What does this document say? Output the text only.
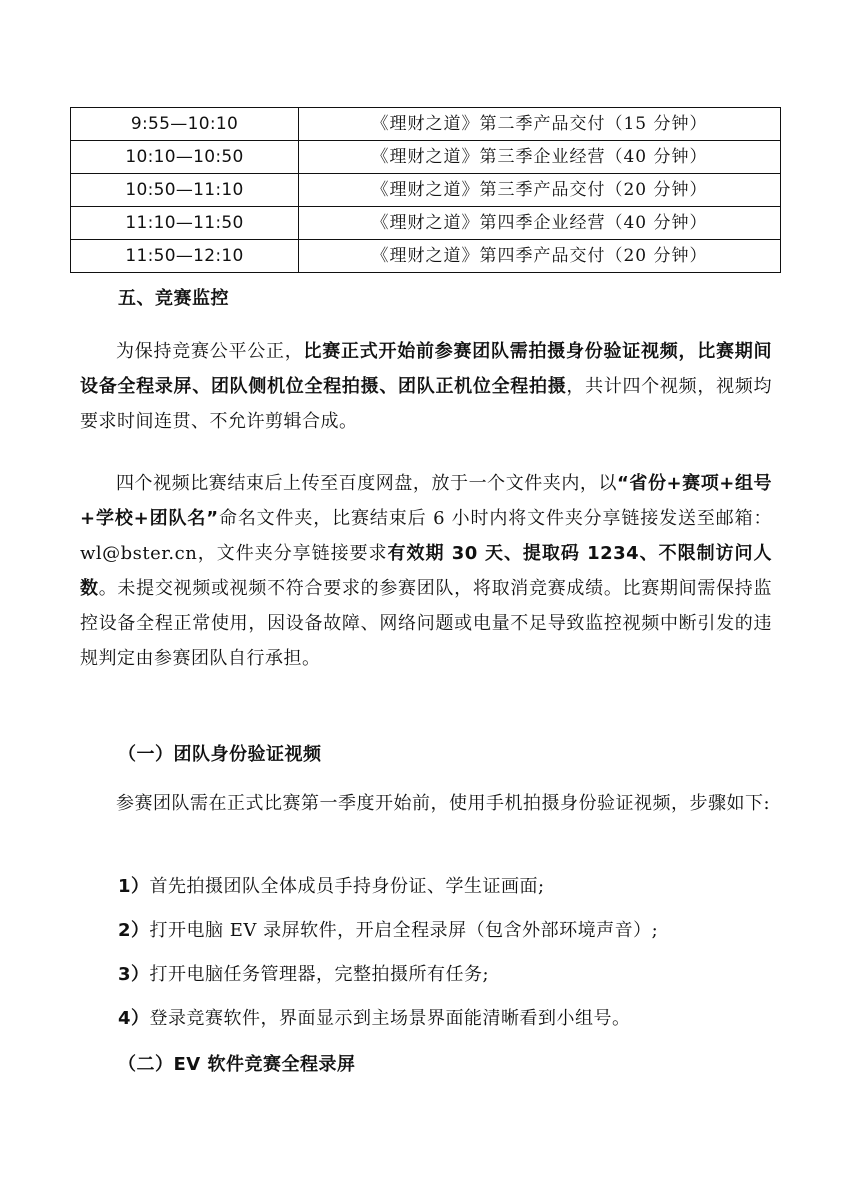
9:55—10:10	《理财之道》第二季产品交付（15 分钟）
10:10—10:50	《理财之道》第三季企业经营（40 分钟）
10:50—11:10	《理财之道》第三季产品交付（20 分钟）
11:10—11:50	《理财之道》第四季企业经营（40 分钟）
11:50—12:10	《理财之道》第四季产品交付（20 分钟）
五、竞赛监控
为保持竞赛公平公正，比赛正式开始前参赛团队需拍摄身份验证视频，比赛期间设备全程录屏、团队侧机位全程拍摄、团队正机位全程拍摄，共计四个视频，视频均要求时间连贯、不允许剪辑合成。
四个视频比赛结束后上传至百度网盘，放于一个文件夹内，以“省份+赛项+组号+学校+团队名”命名文件夹，比赛结束后 6 小时内将文件夹分享链接发送至邮箱：wl@bster.cn，文件夹分享链接要求有效期 30 天、提取码 1234、不限制访问人数。未提交视频或视频不符合要求的参赛团队，将取消竞赛成绩。比赛期间需保持监控设备全程正常使用，因设备故障、网络问题或电量不足导致监控视频中断引发的违规判定由参赛团队自行承担。
（一）团队身份验证视频
参赛团队需在正式比赛第一季度开始前，使用手机拍摄身份验证视频，步骤如下:
1）首先拍摄团队全体成员手持身份证、学生证画面;
2）打开电脑 EV 录屏软件，开启全程录屏（包含外部环境声音）;
3）打开电脑任务管理器，完整拍摄所有任务;
4）登录竞赛软件，界面显示到主场景界面能清晰看到小组号。
（二）EV 软件竞赛全程录屏
